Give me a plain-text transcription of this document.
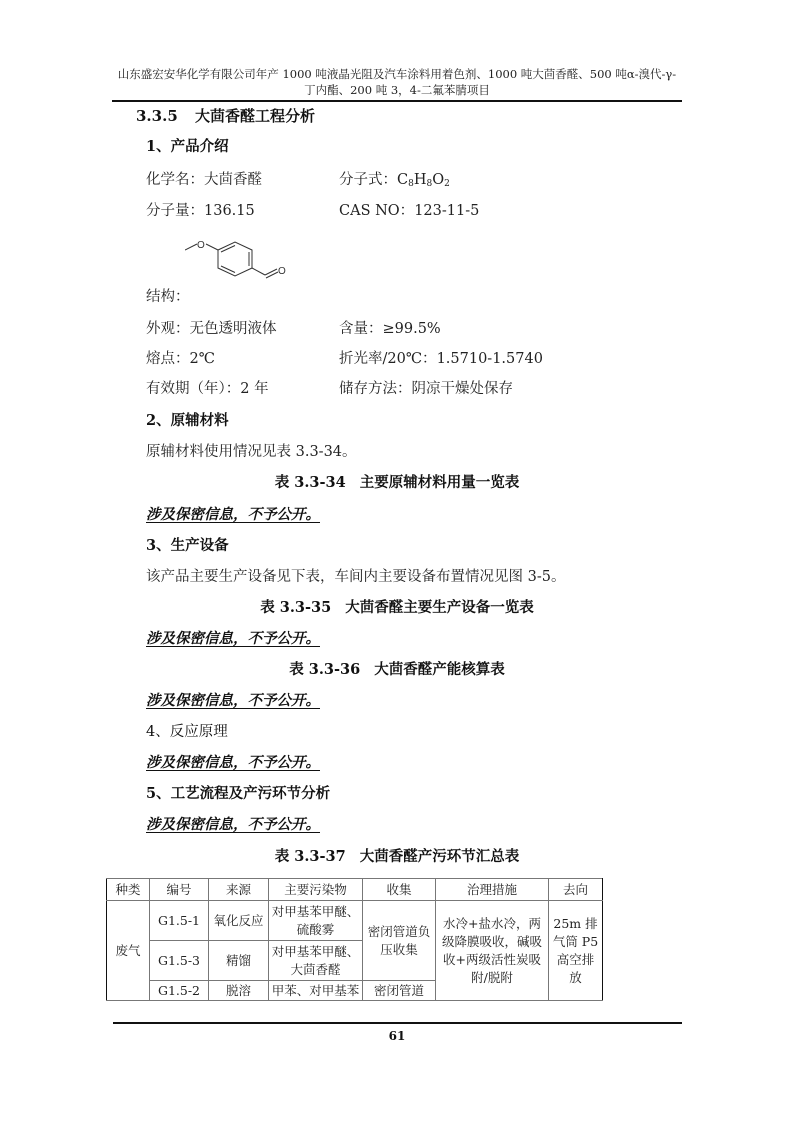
山东盛宏安华化学有限公司年产 1000 吨液晶光阻及汽车涂料用着色剂、1000 吨大茴香醛、500 吨α-溴代-γ-
丁内酯、200 吨 3，4-二氟苯腈项目
3.3.5 大茴香醛工程分析
1、产品介绍
化学名：大茴香醛	分子式：$C_8H_8O_2$
分子量：136.15	CAS NO：123-11-5
O
O
结构：
外观：无色透明液体	含量：≥99.5%
熔点：2℃	折光率/20℃：1.5710-1.5740
有效期（年）：2 年	储存方法：阴凉干燥处保存
2、原辅材料
原辅材料使用情况见表 3.3-34。
表 3.3-34 主要原辅材料用量一览表
涉及保密信息，不予公开。
3、生产设备
该产品主要生产设备见下表，车间内主要设备布置情况见图 3-5。
表 3.3-35 大茴香醛主要生产设备一览表
涉及保密信息，不予公开。
表 3.3-36 大茴香醛产能核算表
涉及保密信息，不予公开。
4、反应原理
涉及保密信息，不予公开。
5、工艺流程及产污环节分析
涉及保密信息，不予公开。
表 3.3-37 大茴香醛产污环节汇总表
种类	编号	来源	主要污染物	收集	治理措施	去向
废气	G1.5-1	氧化反应	对甲基苯甲醚、硫酸雾	密闭管道负压收集	水冷+盐水冷，两级降膜吸收，碱吸收+两级活性炭吸附/脱附	25m 排气筒 P5 高空排放
	G1.5-3	精馏	对甲基苯甲醚、大茴香醛			
	G1.5-2	脱溶	甲苯、对甲基苯	密闭管道		
61
